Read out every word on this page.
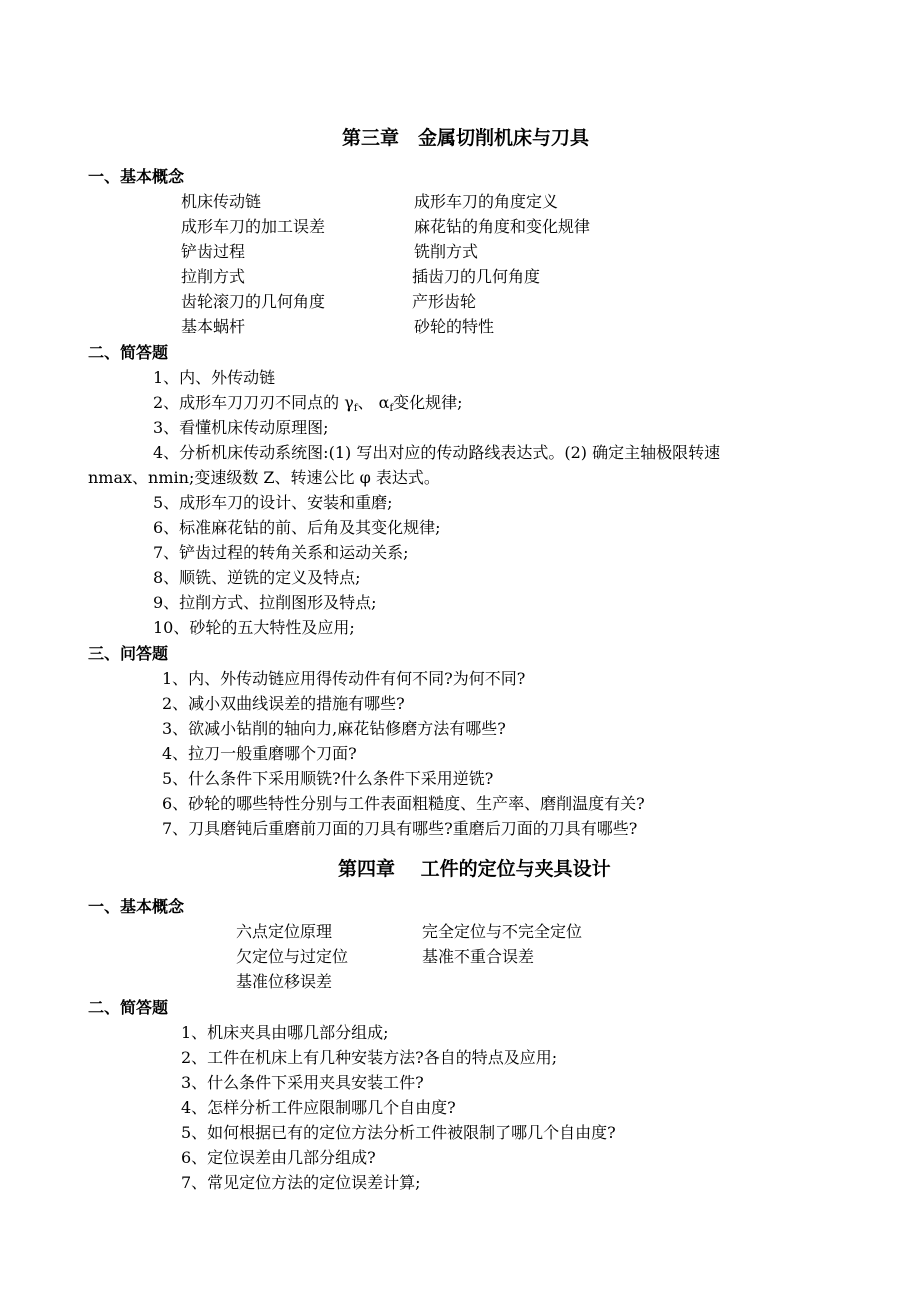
第三章　金属切削机床与刀具
一、基本概念
机床传动链	成形车刀的角度定义
成形车刀的加工误差	麻花钻的角度和变化规律
铲齿过程	铣削方式
拉削方式	插齿刀的几何角度
齿轮滚刀的几何角度	产形齿轮
基本蜗杆	砂轮的特性
二、简答题
1、内、外传动链
2、成形车刀刀刃不同点的 $\gamma_f$、 $\alpha_f$变化规律;
3、看懂机床传动原理图;
4、分析机床传动系统图:(1) 写出对应的传动路线表达式。(2) 确定主轴极限转速
nmax、nmin;变速级数 Z、转速公比 φ 表达式。
5、成形车刀的设计、安装和重磨;
6、标准麻花钻的前、后角及其变化规律;
7、铲齿过程的转角关系和运动关系;
8、顺铣、逆铣的定义及特点;
9、拉削方式、拉削图形及特点;
10、砂轮的五大特性及应用;
三、问答题
1、内、外传动链应用得传动件有何不同?为何不同?
2、减小双曲线误差的措施有哪些?
3、欲减小钻削的轴向力,麻花钻修磨方法有哪些?
4、拉刀一般重磨哪个刀面?
5、什么条件下采用顺铣?什么条件下采用逆铣?
6、砂轮的哪些特性分别与工件表面粗糙度、生产率、磨削温度有关?
7、刀具磨钝后重磨前刀面的刀具有哪些?重磨后刀面的刀具有哪些?
第四章　 工件的定位与夹具设计
一、基本概念
六点定位原理	完全定位与不完全定位
欠定位与过定位	基准不重合误差
基准位移误差
二、简答题
1、机床夹具由哪几部分组成;
2、工件在机床上有几种安装方法?各自的特点及应用;
3、什么条件下采用夹具安装工件?
4、怎样分析工件应限制哪几个自由度?
5、如何根据已有的定位方法分析工件被限制了哪几个自由度?
6、定位误差由几部分组成?
7、常见定位方法的定位误差计算;
